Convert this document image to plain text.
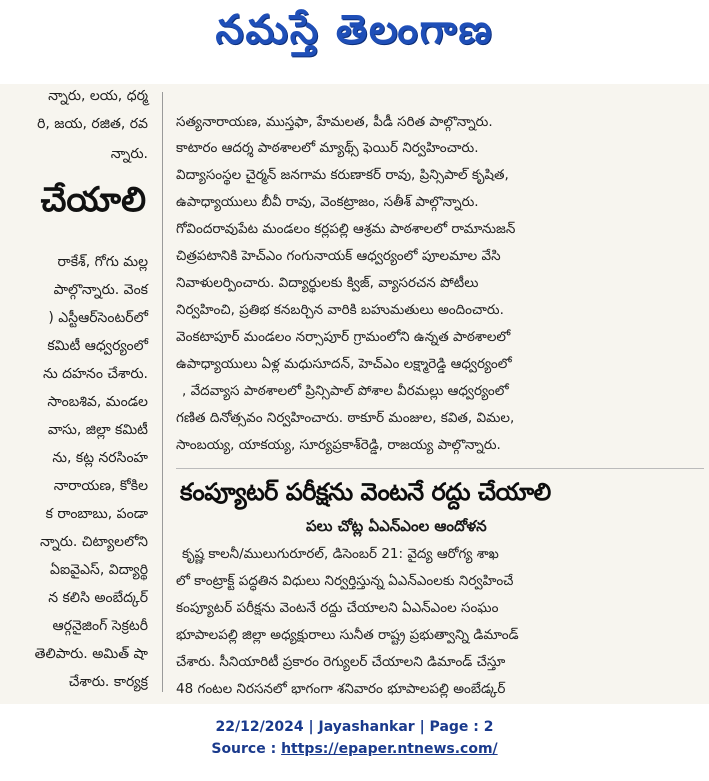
నమస్తే తెలంగాణ
న్నారు, లయ, ధర్మ
రి, జయ, రజిత, రవ
న్నారు.
చేయాలి
రాకేశ్, గోగు మల్ల
పాల్గొన్నారు. వెంక
) ఎస్టీఆర్‌సెంటర్‌లో
కమిటీ ఆధ్వర్యంలో
ను దహనం చేశారు.
సాంబశివ, మండల
వాసు, జిల్లా కమిటీ
ను, కట్ల నరసింహ
నారాయణ, కోకిల
క రాంబాబు, పండా
న్నారు. చిట్యాలలోని
ఏఐవైఎస్, విద్యార్థి
న కలిసి అంబేద్కర్
ఆర్గనైజింగ్ సెక్రటరీ
తెలిపారు. అమిత్ షా
చేశారు. కార్యక్ర
సత్యనారాయణ, ముస్తఫా, హేమలత, పీడీ సరిత పాల్గొన్నారు.
కాటారం ఆదర్శ పాఠశాలలో మ్యాథ్స్ ఫెయిర్ నిర్వహించారు.
విద్యాసంస్థల చైర్మన్ జనగామ కరుణాకర్ రావు, ప్రిన్సిపాల్ కృషిత,
ఉపాధ్యాయులు బీవీ రావు, వెంకట్రాజం, సతీశ్ పాల్గొన్నారు.
గోవిందరావుపేట మండలం కర్లపల్లి ఆశ్రమ పాఠశాలలో రామానుజన్
చిత్రపటానికి హెచ్ఎం గంగునాయక్ ఆధ్వర్యంలో పూలమాల వేసి
నివాళులర్పించారు. విద్యార్థులకు క్విజ్, వ్యాసరచన పోటీలు
నిర్వహించి, ప్రతిభ కనబర్చిన వారికి బహుమతులు అందించారు.
వెంకటాపూర్ మండలం నర్సాపూర్ గ్రామంలోని ఉన్నత పాఠశాలలో
ఉపాధ్యాయులు ఏళ్ల మధుసూదన్, హెచ్ఎం లక్ష్మారెడ్డి ఆధ్వర్యంలో
, వేదవ్యాస పాఠశాలలో ప్రిన్సిపాల్ పోశాల వీరమల్లు ఆధ్వర్యంలో
గణిత దినోత్సవం నిర్వహించారు. ఠాకూర్ మంజుల, కవిత, విమల,
సాంబయ్య, యాకయ్య, సూర్యప్రకాశ్‌రెడ్డి, రాజయ్య పాల్గొన్నారు.
కంప్యూటర్ పరీక్షను వెంటనే రద్దు చేయాలి
పలు చోట్ల ఏఎన్ఎంల ఆందోళన
కృష్ణ కాలనీ/ములుగురూరల్, డిసెంబర్ 21: వైద్య ఆరోగ్య శాఖ
లో కాంట్రాక్ట్ పద్ధతిన విధులు నిర్వర్తిస్తున్న ఏఎన్ఎంలకు నిర్వహించే
కంప్యూటర్ పరీక్షను వెంటనే రద్దు చేయాలని ఏఎన్ఎంల సంఘం
భూపాలపల్లి జిల్లా అధ్యక్షురాలు సునీత రాష్ట్ర ప్రభుత్వాన్ని డిమాండ్
చేశారు. సీనియారిటీ ప్రకారం రెగ్యులర్ చేయాలని డిమాండ్ చేస్తూ
48 గంటల నిరసనలో భాగంగా శనివారం భూపాలపల్లి అంబేడ్కర్
22/12/2024 | Jayashankar | Page : 2
Source : https://epaper.ntnews.com/
